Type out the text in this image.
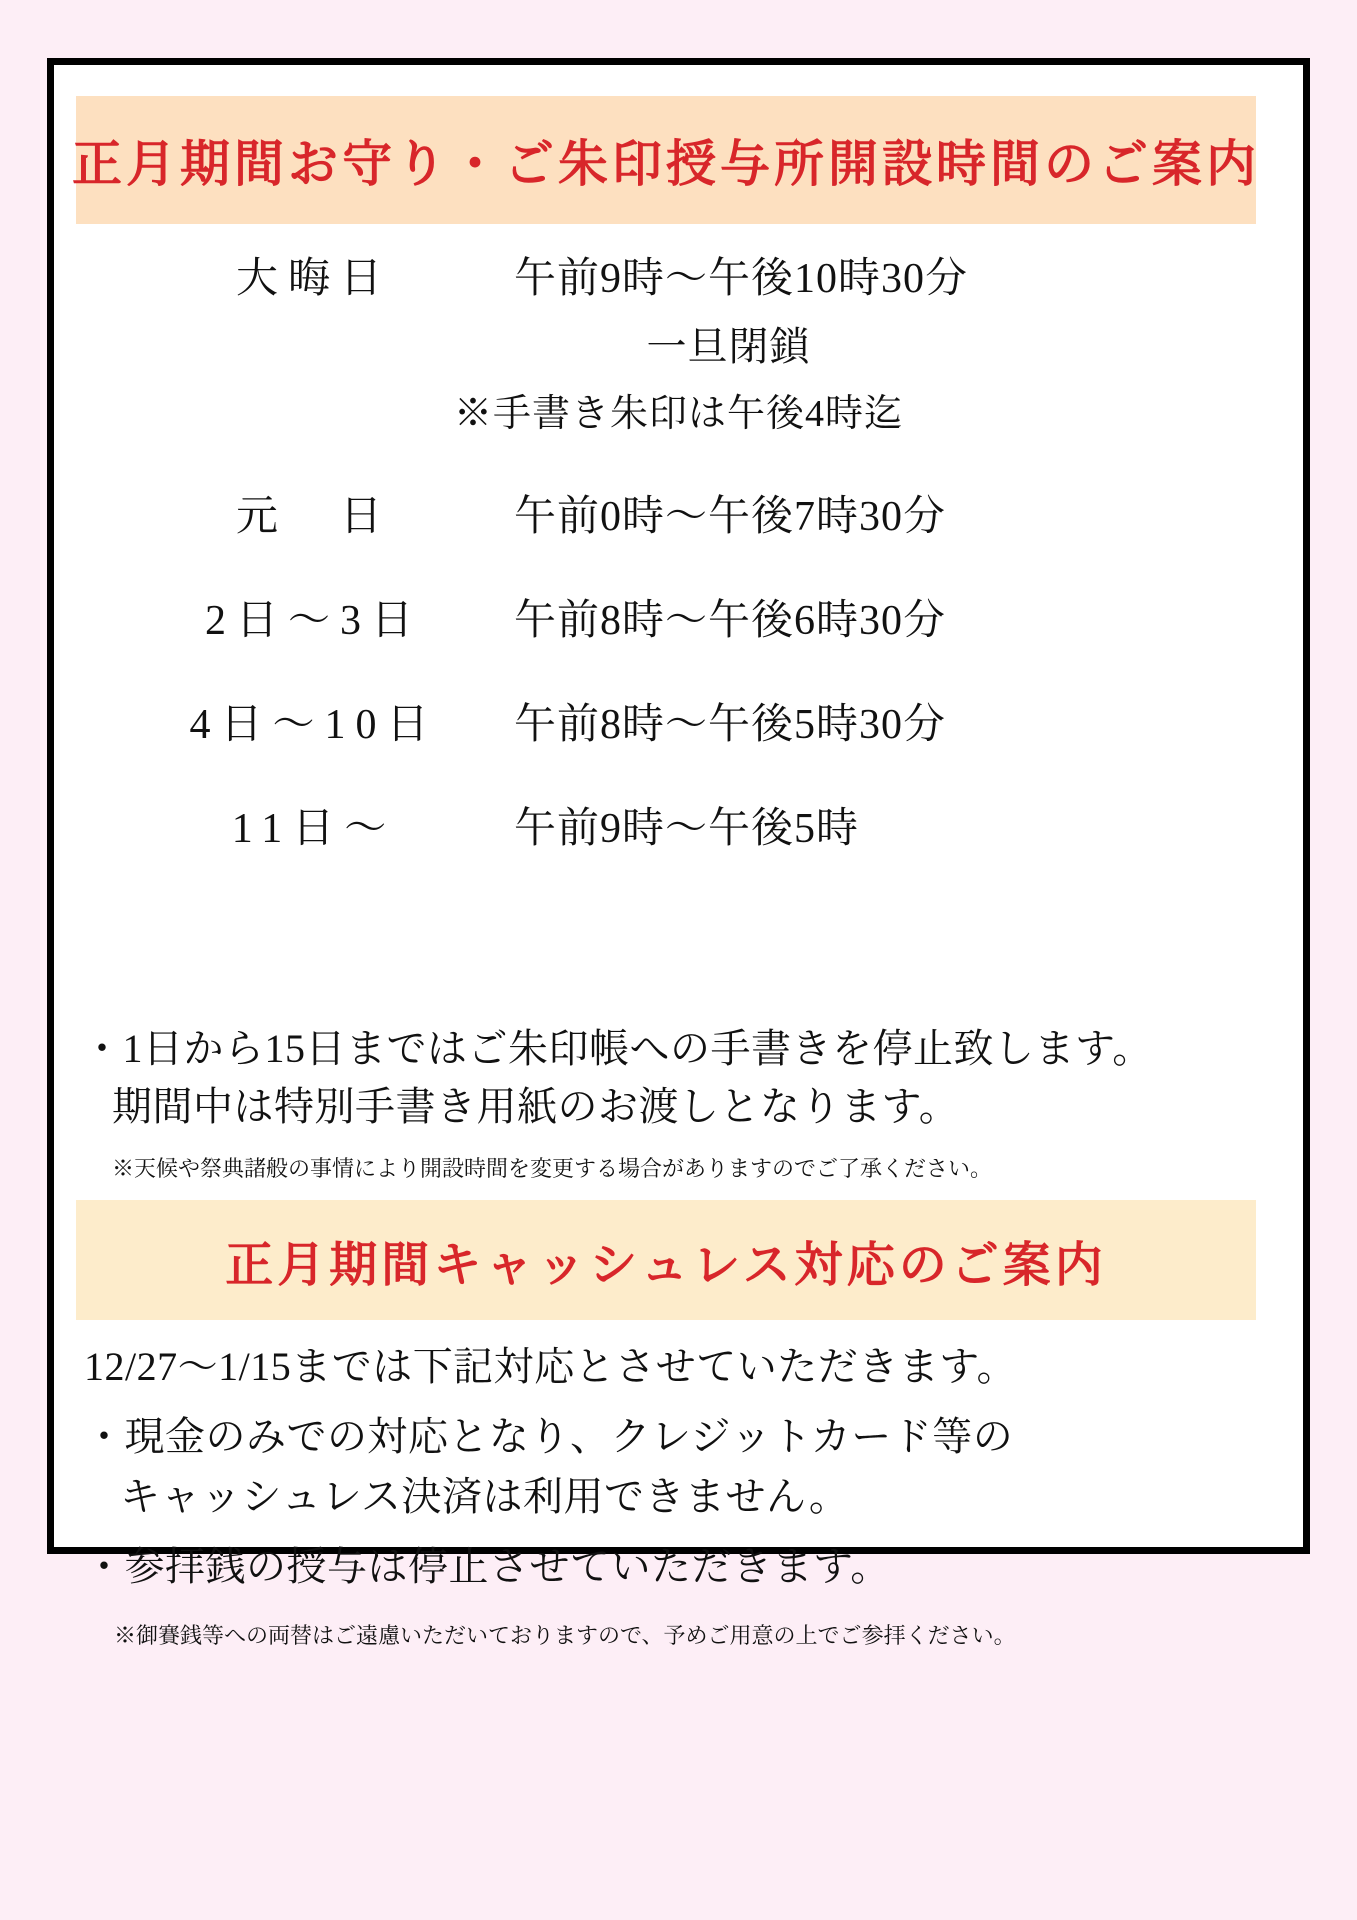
正月期間お守り・ご朱印授与所開設時間のご案内
大晦日	午前9時～午後10時30分
一旦閉鎖
※手書き朱印は午後4時迄
元　日	午前0時～午後7時30分
2日～3日	午前8時～午後6時30分
4日～10日	午前8時～午後5時30分
11日～	午前9時～午後5時
・1日から15日まではご朱印帳への手書きを停止致します。
期間中は特別手書き用紙のお渡しとなります。
※天候や祭典諸般の事情により開設時間を変更する場合がありますのでご了承ください。
正月期間キャッシュレス対応のご案内
12/27～1/15までは下記対応とさせていただきます。
・現金のみでの対応となり、クレジットカード等の
キャッシュレス決済は利用できません。
・参拝銭の授与は停止させていただきます。
※御賽銭等への両替はご遠慮いただいておりますので、予めご用意の上でご参拝ください。
